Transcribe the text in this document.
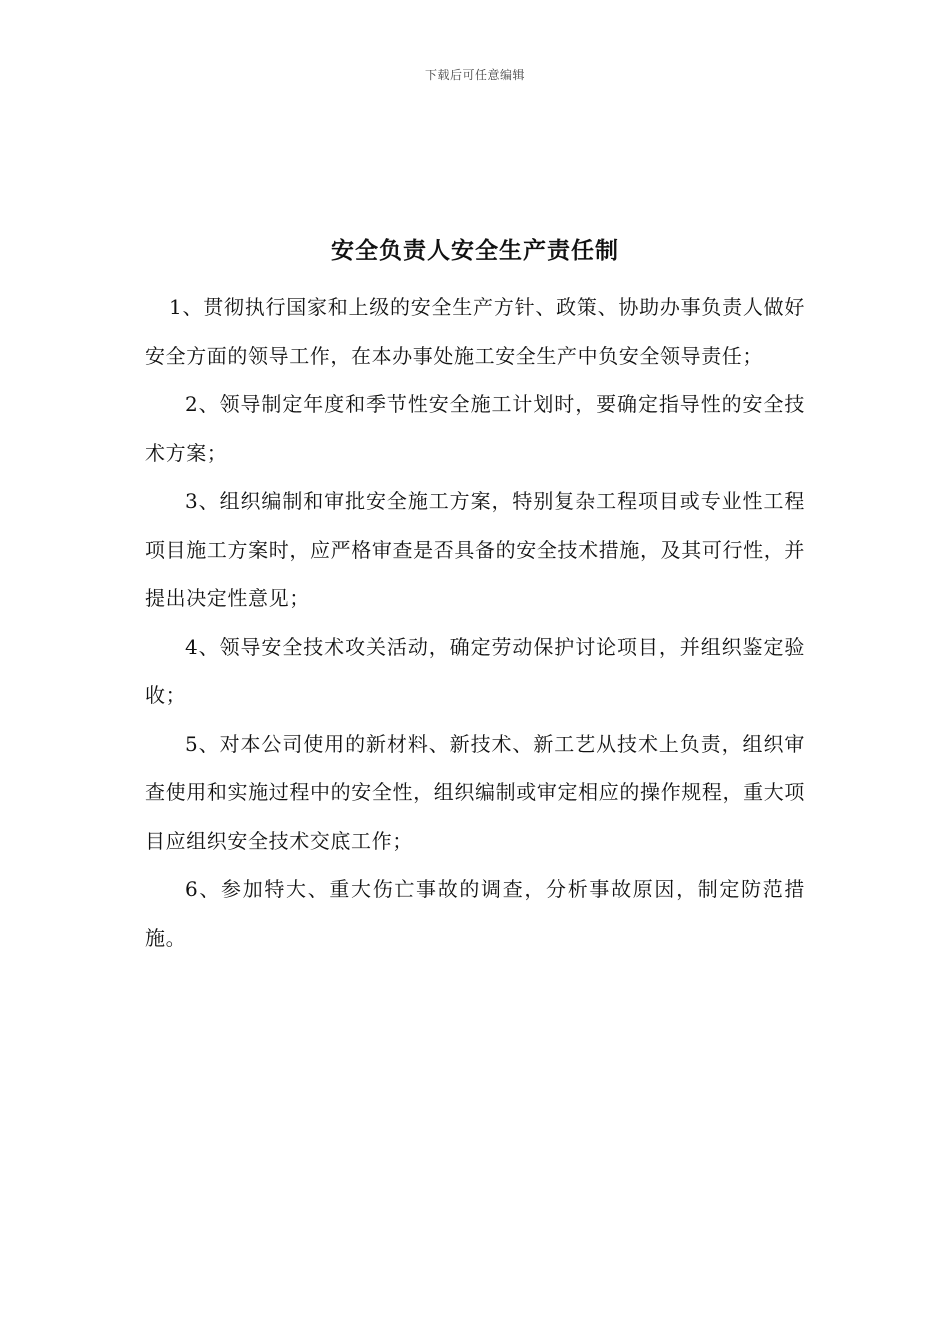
下载后可任意编辑
安全负责人安全生产责任制

1、贯彻执行国家和上级的安全生产方针、政策、协助办事负责人做好安全方面的领导工作，在本办事处施工安全生产中负安全领导责任；

2、领导制定年度和季节性安全施工计划时，要确定指导性的安全技术方案；

3、组织编制和审批安全施工方案，特别复杂工程项目或专业性工程项目施工方案时，应严格审查是否具备的安全技术措施，及其可行性，并提出决定性意见；

4、领导安全技术攻关活动，确定劳动保护讨论项目，并组织鉴定验收；

5、对本公司使用的新材料、新技术、新工艺从技术上负责，组织审查使用和实施过程中的安全性，组织编制或审定相应的操作规程，重大项目应组织安全技术交底工作；

6、参加特大、重大伤亡事故的调查，分析事故原因，制定防范措施。
